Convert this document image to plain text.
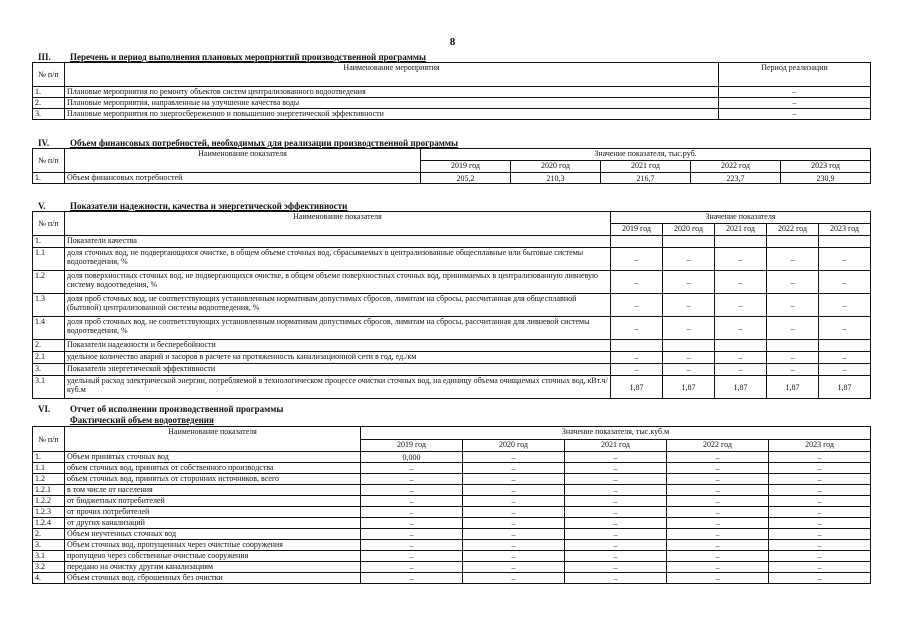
8
III. Перечень и период выполнения плановых мероприятий производственной программы
№ п/п	Наименование мероприятия	Период реализации
1.	Плановые мероприятия по ремонту объектов систем централизованного водоотведения	–
2.	Плановые мероприятия, направленные на улучшение качества воды	–
3.	Плановые мероприятия по энергосбережению и повышению энергетической эффективности	–
IV. Объем финансовых потребностей, необходимых для реализации производственной программы
№ п/п	Наименование показателя	Значение показателя, тыс.руб.				
		2019 год	2020 год	2021 год	2022 год	2023 год
1.	Объем финансовых потребностей	205,2	210,3	216,7	223,7	230,9
V.	Показатели надежности, качества и энергетической эффективности
№ п/п	Наименование показателя	Значение показателя				
		2019 год	2020 год	2021 год	2022 год	2023 год
1.	Показатели качества					
1.1	доля сточных вод, не подвергающихся очистке, в общем объеме сточных вод, сбрасываемых в централизованные общесплавные или бытовые системы водоотведения, %	–	–	–	–	–
1.2	доля поверхностных сточных вод, не подвергающихся очистке, в общем объеме поверхностных сточных вод, принимаемых в централизованную ливневую систему водоотведения, %	–	–	–	–	–
1.3	доля проб сточных вод, не соответствующих установленным нормативам допустимых сбросов, лимитам на сбросы, рассчитанная для общесплавной (бытовой) централизованной системы водоотведения, %	–	–	–	–	–
1.4	доля проб сточных вод, не соответствующих установленным нормативам допустимых сбросов, лимитам на сбросы, рассчитанная для ливневой системы водоотведения, %	–	–	–	–	–
2.	Показатели надежности и бесперебойности					
2.1	удельное количество аварий и засоров в расчете на протяженность канализационной сети в год, ед./км	–	–	–	–	–
3.	Показатели энергетической эффективности	–	–	–	–	–
3.1	удельный расход электрической энергии, потребляемой в технологическом процессе очистки сточных вод, на единицу объема очищаемых сточных вод, кВт.ч/куб.м	1,87	1,87	1,87	1,87	1,87
VI. Отчет об исполнении производственной программы
Фактический объем водоотведения
№ п/п	Наименование показателя	Значение показателя, тыс.куб.м				
		2019 год	2020 год	2021 год	2022 год	2023 год
1.	Объем принятых сточных вод	0,000	–	–	–	–
1.1	объем сточных вод, принятых от собственного производства	–	–	–	–	–
1.2	объем сточных вод, принятых от сторонних источников, всего	–	–	–	–	–
1.2.1	в том числе от населения	–	–	–	–	–
1.2.2	от бюджетных потребителей	–	–	–	–	–
1.2.3	от прочих потребителей	–	–	–	–	–
1.2.4	от других канализаций	–	–	–	–	–
2.	Объем неучтенных сточных вод	–	–	–	–	–
3.	Объем сточных вод, пропущенных через очистные сооружения	–	–	–	–	–
3.1	пропущено через собственные очистные сооружения	–	–	–	–	–
3.2	передано на очистку другим канализациям	–	–	–	–	–
4.	Объем сточных вод, сброшенных без очистки	–	–	–	–	–
